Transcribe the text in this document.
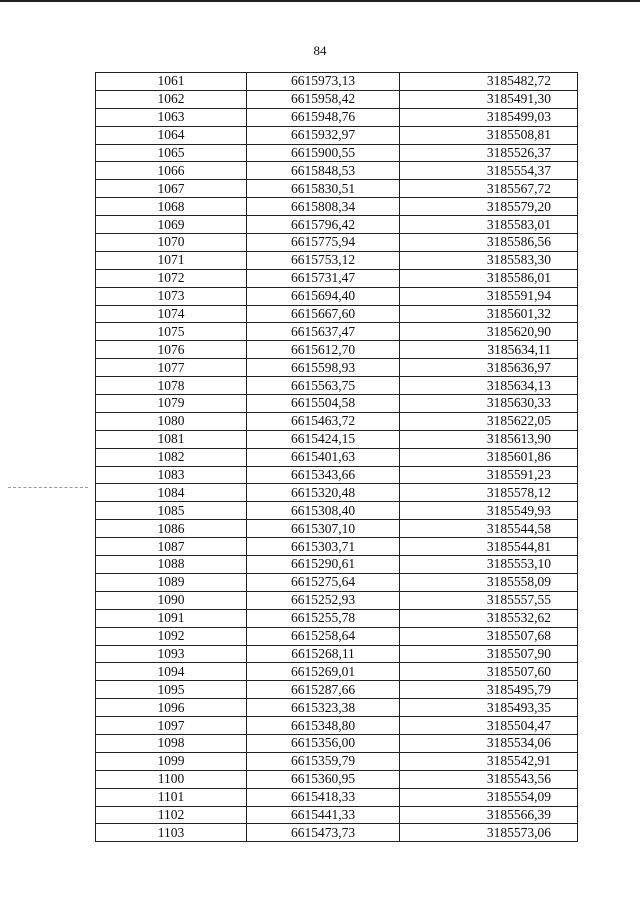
84
1061	6615973,13	3185482,72
1062	6615958,42	3185491,30
1063	6615948,76	3185499,03
1064	6615932,97	3185508,81
1065	6615900,55	3185526,37
1066	6615848,53	3185554,37
1067	6615830,51	3185567,72
1068	6615808,34	3185579,20
1069	6615796,42	3185583,01
1070	6615775,94	3185586,56
1071	6615753,12	3185583,30
1072	6615731,47	3185586,01
1073	6615694,40	3185591,94
1074	6615667,60	3185601,32
1075	6615637,47	3185620,90
1076	6615612,70	3185634,11
1077	6615598,93	3185636,97
1078	6615563,75	3185634,13
1079	6615504,58	3185630,33
1080	6615463,72	3185622,05
1081	6615424,15	3185613,90
1082	6615401,63	3185601,86
1083	6615343,66	3185591,23
1084	6615320,48	3185578,12
1085	6615308,40	3185549,93
1086	6615307,10	3185544,58
1087	6615303,71	3185544,81
1088	6615290,61	3185553,10
1089	6615275,64	3185558,09
1090	6615252,93	3185557,55
1091	6615255,78	3185532,62
1092	6615258,64	3185507,68
1093	6615268,11	3185507,90
1094	6615269,01	3185507,60
1095	6615287,66	3185495,79
1096	6615323,38	3185493,35
1097	6615348,80	3185504,47
1098	6615356,00	3185534,06
1099	6615359,79	3185542,91
1100	6615360,95	3185543,56
1101	6615418,33	3185554,09
1102	6615441,33	3185566,39
1103	6615473,73	3185573,06
